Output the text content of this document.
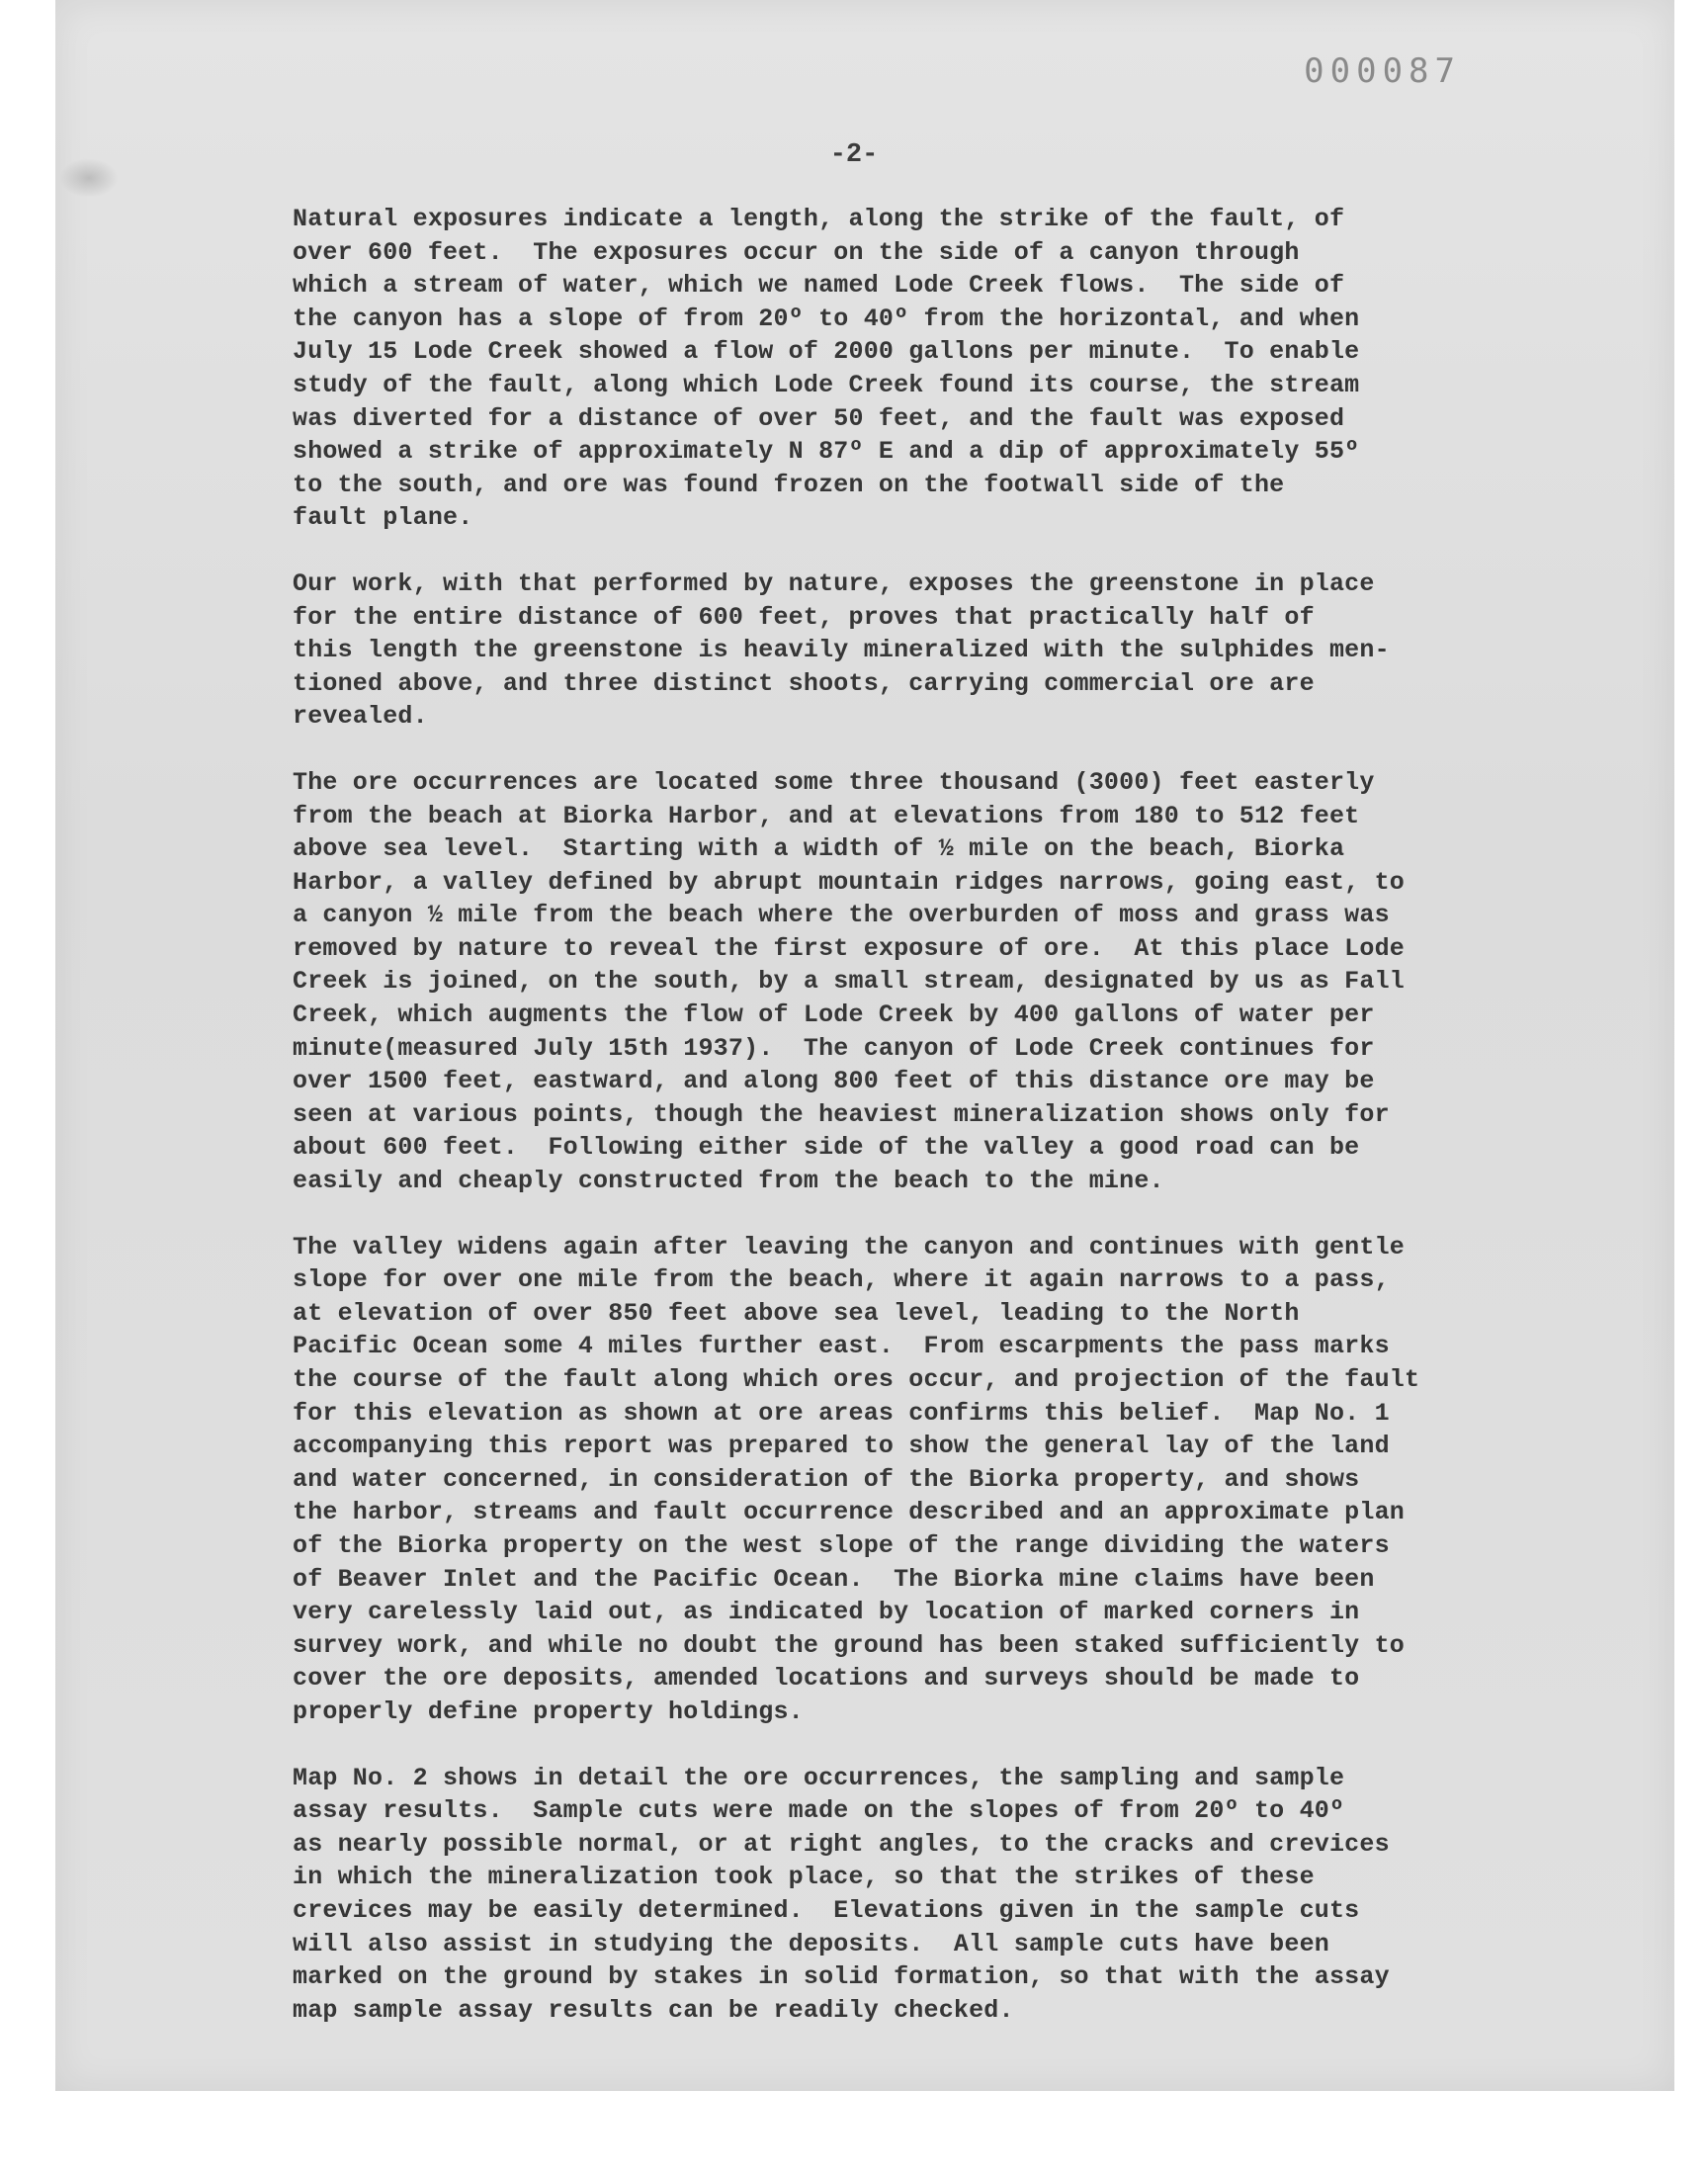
000087

-2-

Natural exposures indicate a length, along the strike of the fault, of
over 600 feet.  The exposures occur on the side of a canyon through
which a stream of water, which we named Lode Creek flows.  The side of
the canyon has a slope of from 20º to 40º from the horizontal, and when
July 15 Lode Creek showed a flow of 2000 gallons per minute.  To enable
study of the fault, along which Lode Creek found its course, the stream
was diverted for a distance of over 50 feet, and the fault was exposed
showed a strike of approximately N 87º E and a dip of approximately 55º
to the south, and ore was found frozen on the footwall side of the
fault plane.

Our work, with that performed by nature, exposes the greenstone in place
for the entire distance of 600 feet, proves that practically half of
this length the greenstone is heavily mineralized with the sulphides men-
tioned above, and three distinct shoots, carrying commercial ore are
revealed.

The ore occurrences are located some three thousand (3000) feet easterly
from the beach at Biorka Harbor, and at elevations from 180 to 512 feet
above sea level.  Starting with a width of ½ mile on the beach, Biorka
Harbor, a valley defined by abrupt mountain ridges narrows, going east, to
a canyon ½ mile from the beach where the overburden of moss and grass was
removed by nature to reveal the first exposure of ore.  At this place Lode
Creek is joined, on the south, by a small stream, designated by us as Fall
Creek, which augments the flow of Lode Creek by 400 gallons of water per
minute(measured July 15th 1937).  The canyon of Lode Creek continues for
over 1500 feet, eastward, and along 800 feet of this distance ore may be
seen at various points, though the heaviest mineralization shows only for
about 600 feet.  Following either side of the valley a good road can be
easily and cheaply constructed from the beach to the mine.

The valley widens again after leaving the canyon and continues with gentle
slope for over one mile from the beach, where it again narrows to a pass,
at elevation of over 850 feet above sea level, leading to the North
Pacific Ocean some 4 miles further east.  From escarpments the pass marks
the course of the fault along which ores occur, and projection of the fault
for this elevation as shown at ore areas confirms this belief.  Map No. 1
accompanying this report was prepared to show the general lay of the land
and water concerned, in consideration of the Biorka property, and shows
the harbor, streams and fault occurrence described and an approximate plan
of the Biorka property on the west slope of the range dividing the waters
of Beaver Inlet and the Pacific Ocean.  The Biorka mine claims have been
very carelessly laid out, as indicated by location of marked corners in
survey work, and while no doubt the ground has been staked sufficiently to
cover the ore deposits, amended locations and surveys should be made to
properly define property holdings.

Map No. 2 shows in detail the ore occurrences, the sampling and sample
assay results.  Sample cuts were made on the slopes of from 20º to 40º
as nearly possible normal, or at right angles, to the cracks and crevices
in which the mineralization took place, so that the strikes of these
crevices may be easily determined.  Elevations given in the sample cuts
will also assist in studying the deposits.  All sample cuts have been
marked on the ground by stakes in solid formation, so that with the assay
map sample assay results can be readily checked.
